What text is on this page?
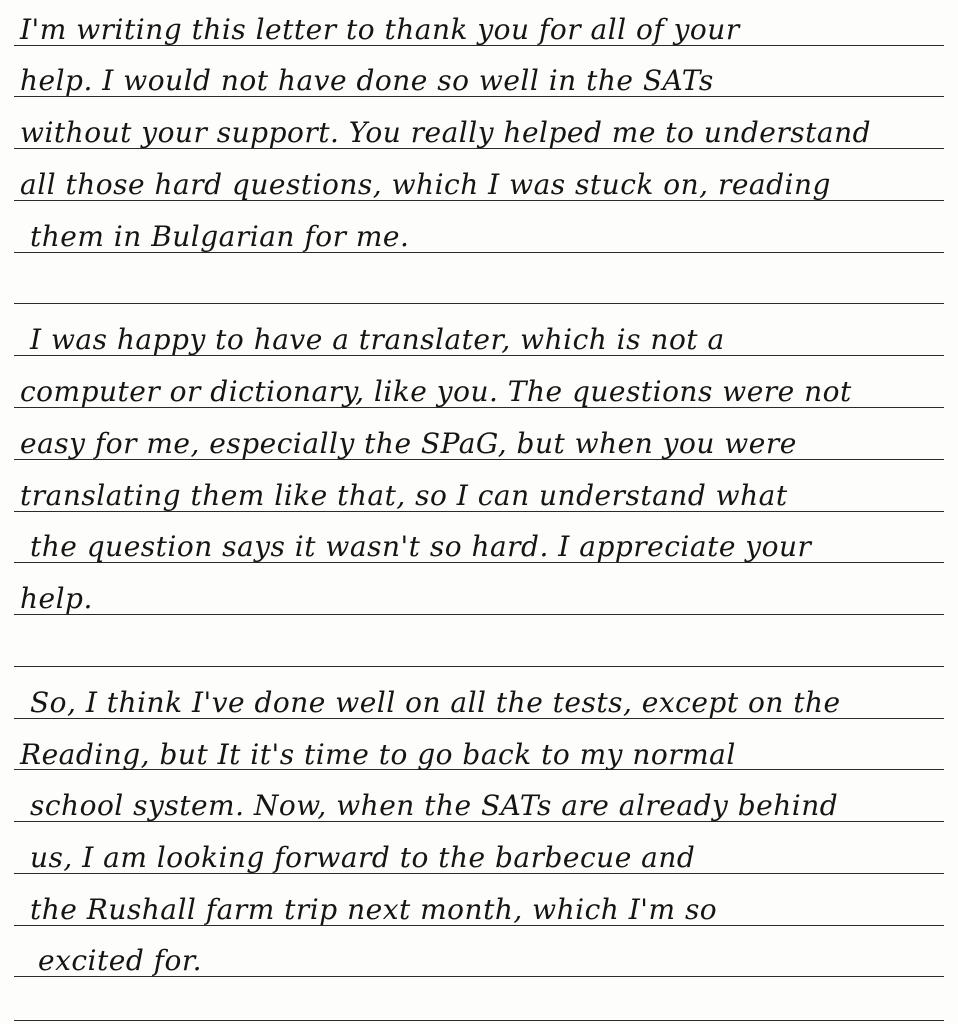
I'm writing this letter to thank you for all of your
help. I would not have done so well in the SATs
without your support. You really helped me to understand
all those hard questions, which I was stuck on, reading
them in Bulgarian for me.
I was happy to have a translater, which is not a
computer or dictionary, like you. The questions were not
easy for me, especially the SPaG, but when you were
translating them like that, so I can understand what
the question says it wasn't so hard. I appreciate your
help.
So, I think I've done well on all the tests, except on the
Reading, but It it's time to go back to my normal
school system. Now, when the SATs are already behind
us, I am looking forward to the barbecue and
the Rushall farm trip next month, which I'm so
excited for.
